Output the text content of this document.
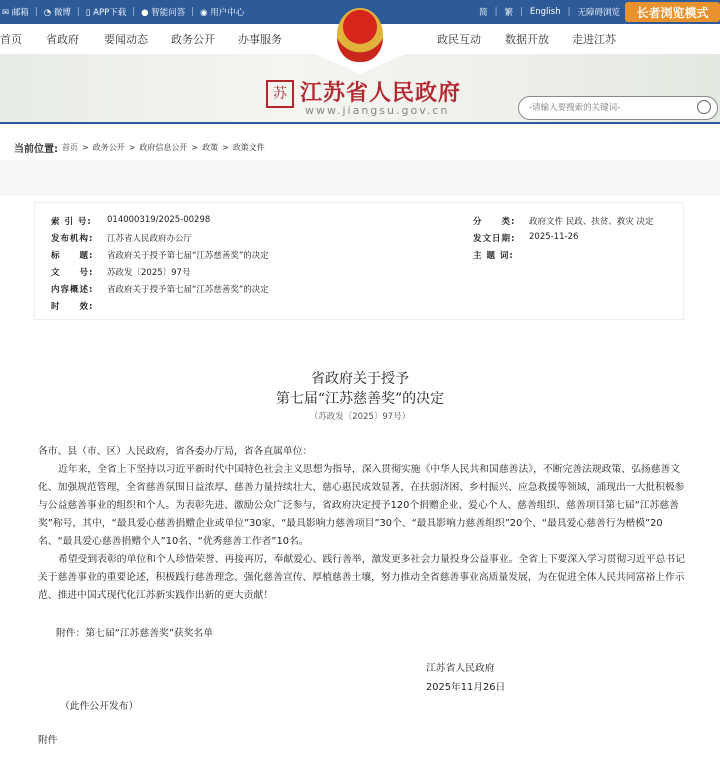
✉ 邮箱 | ◔ 微博 | ▯ APP下载 | ● 智能问答 | ◉ 用户中心	简 | 繁 | English | 无障碍浏览	长者浏览模式
首页 省政府 要闻动态 政务公开 办事服务	政民互动 数据开放 走进江苏
苏 江苏省人民政府
www.jiangsu.gov.cn	-请输入要搜索的关键词-
当前位置: 首页 > 政务公开 > 政府信息公开 > 政策 > 政策文件
索 引 号:	014000319/2025-00298
发布机构:	江苏省人民政府办公厅
标　　题:	省政府关于授予第七届“江苏慈善奖”的决定
文　　号:	苏政发〔2025〕97号
内容概述:	省政府关于授予第七届“江苏慈善奖”的决定
时　　效:
分　　类:	政府文件 民政、扶贫、救灾 决定
发文日期:	2025-11-26
主 题 词:
省政府关于授予
第七届“江苏慈善奖”的决定
（苏政发〔2025〕97号）

各市、县（市、区）人民政府，省各委办厅局，省各直属单位：

近年来，全省上下坚持以习近平新时代中国特色社会主义思想为指导，深入贯彻实施《中华人民共和国慈善法》，不断完善法规政策、弘扬慈善文化、加强规范管理，全省慈善氛围日益浓厚、慈善力量持续壮大、慈心惠民成效显著，在扶弱济困、乡村振兴、应急救援等领域，涌现出一大批积极参与公益慈善事业的组织和个人。为表彰先进、激励公众广泛参与，省政府决定授予120个捐赠企业、爱心个人、慈善组织、慈善项目第七届“江苏慈善奖”称号，其中，“最具爱心慈善捐赠企业或单位”30家、“最具影响力慈善项目”30个、“最具影响力慈善组织”20个、“最具爱心慈善行为楷模”20名、“最具爱心慈善捐赠个人”10名、“优秀慈善工作者”10名。

希望受到表彰的单位和个人珍惜荣誉、再接再厉，奉献爱心、践行善举，激发更多社会力量投身公益事业。全省上下要深入学习贯彻习近平总书记关于慈善事业的重要论述，积极践行慈善理念、强化慈善宣传、厚植慈善土壤，努力推动全省慈善事业高质量发展，为在促进全体人民共同富裕上作示范、推进中国式现代化江苏新实践作出新的更大贡献！

附件：第七届“江苏慈善奖”获奖名单
江苏省人民政府
2025年11月26日
（此件公开发布）
附件
